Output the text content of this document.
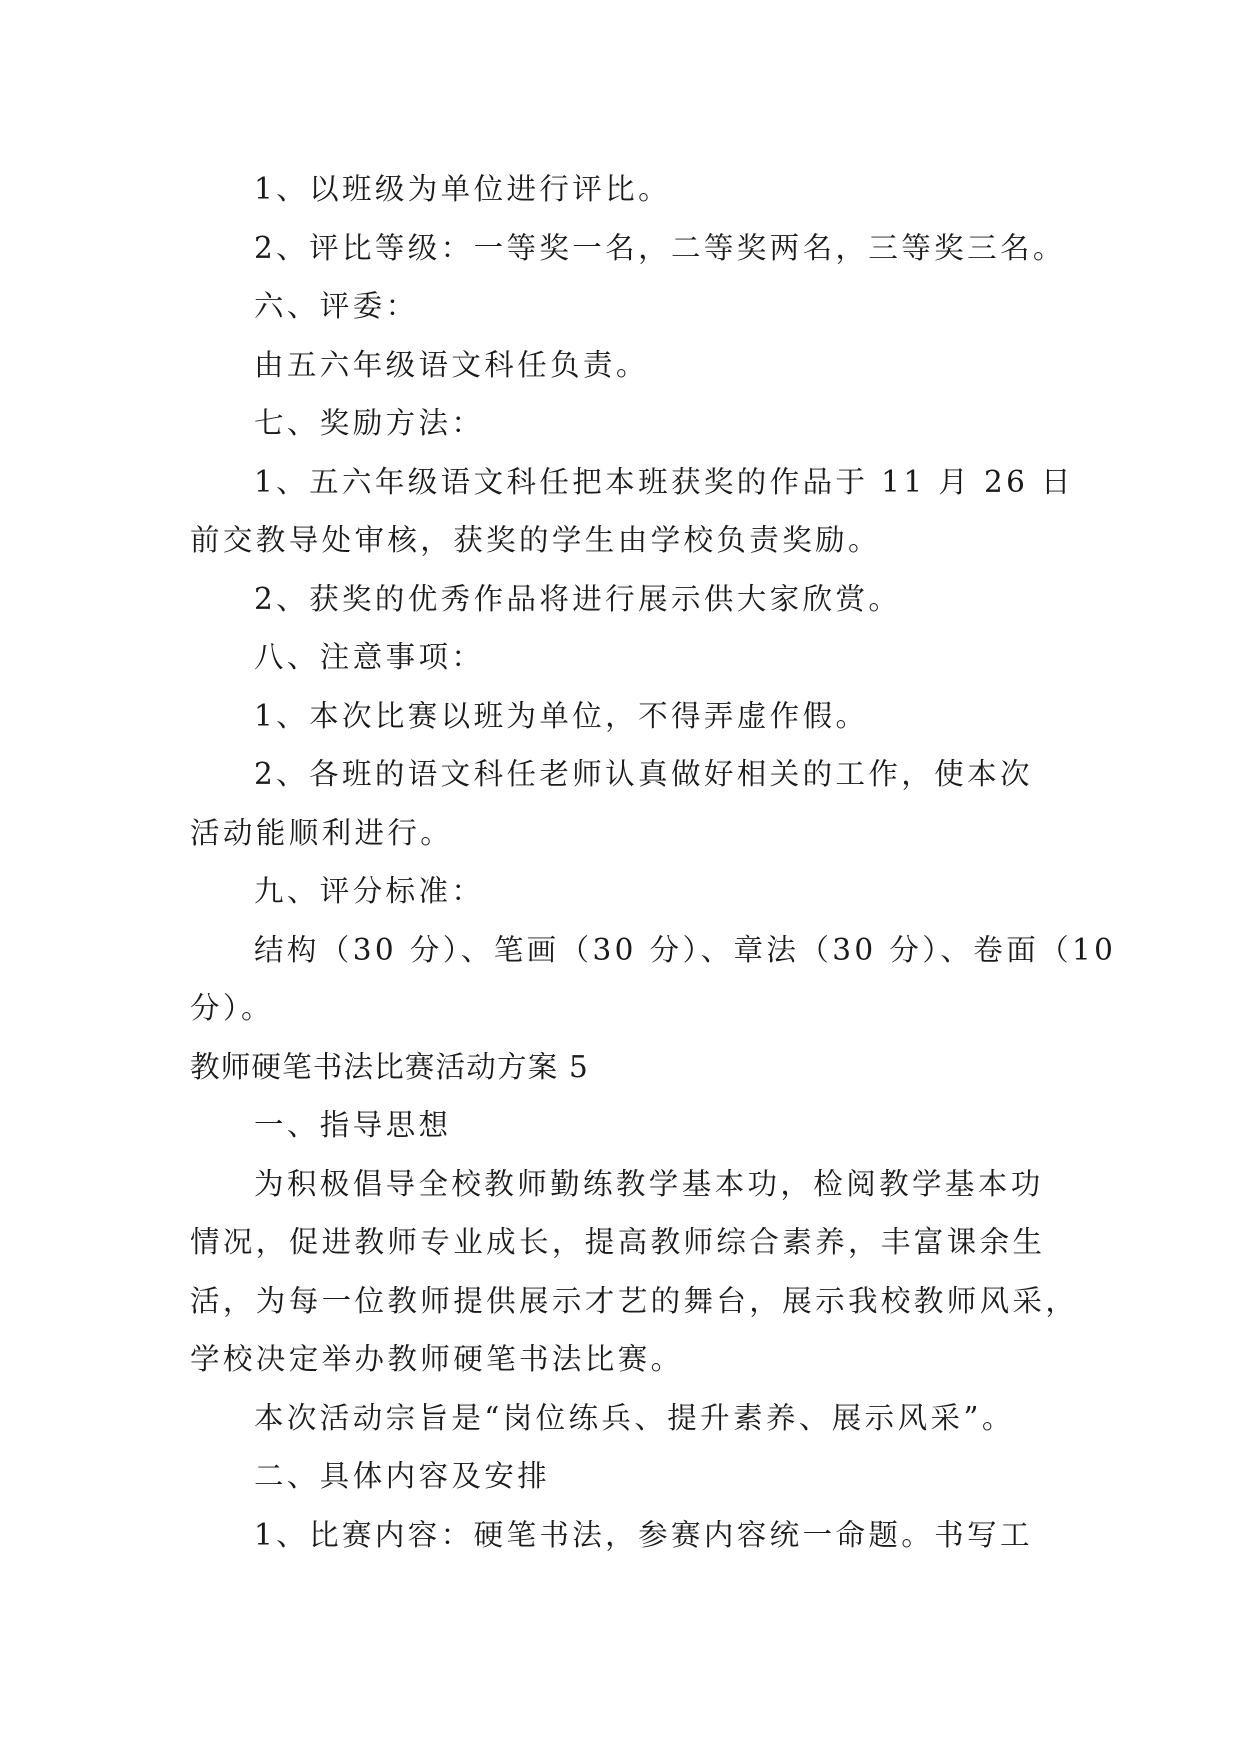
1、以班级为单位进行评比。
2、评比等级：一等奖一名，二等奖两名，三等奖三名。
六、评委：
由五六年级语文科任负责。
七、奖励方法：
1、五六年级语文科任把本班获奖的作品于 11 月 26 日
前交教导处审核，获奖的学生由学校负责奖励。
2、获奖的优秀作品将进行展示供大家欣赏。
八、注意事项：
1、本次比赛以班为单位，不得弄虚作假。
2、各班的语文科任老师认真做好相关的工作，使本次
活动能顺利进行。
九、评分标准：
结构（30 分）、笔画（30 分）、章法（30 分）、卷面（10
分）。
教师硬笔书法比赛活动方案 5
一、指导思想
为积极倡导全校教师勤练教学基本功，检阅教学基本功
情况，促进教师专业成长，提高教师综合素养，丰富课余生
活，为每一位教师提供展示才艺的舞台，展示我校教师风采，
学校决定举办教师硬笔书法比赛。
本次活动宗旨是“岗位练兵、提升素养、展示风采”。
二、具体内容及安排
1、比赛内容：硬笔书法，参赛内容统一命题。书写工
